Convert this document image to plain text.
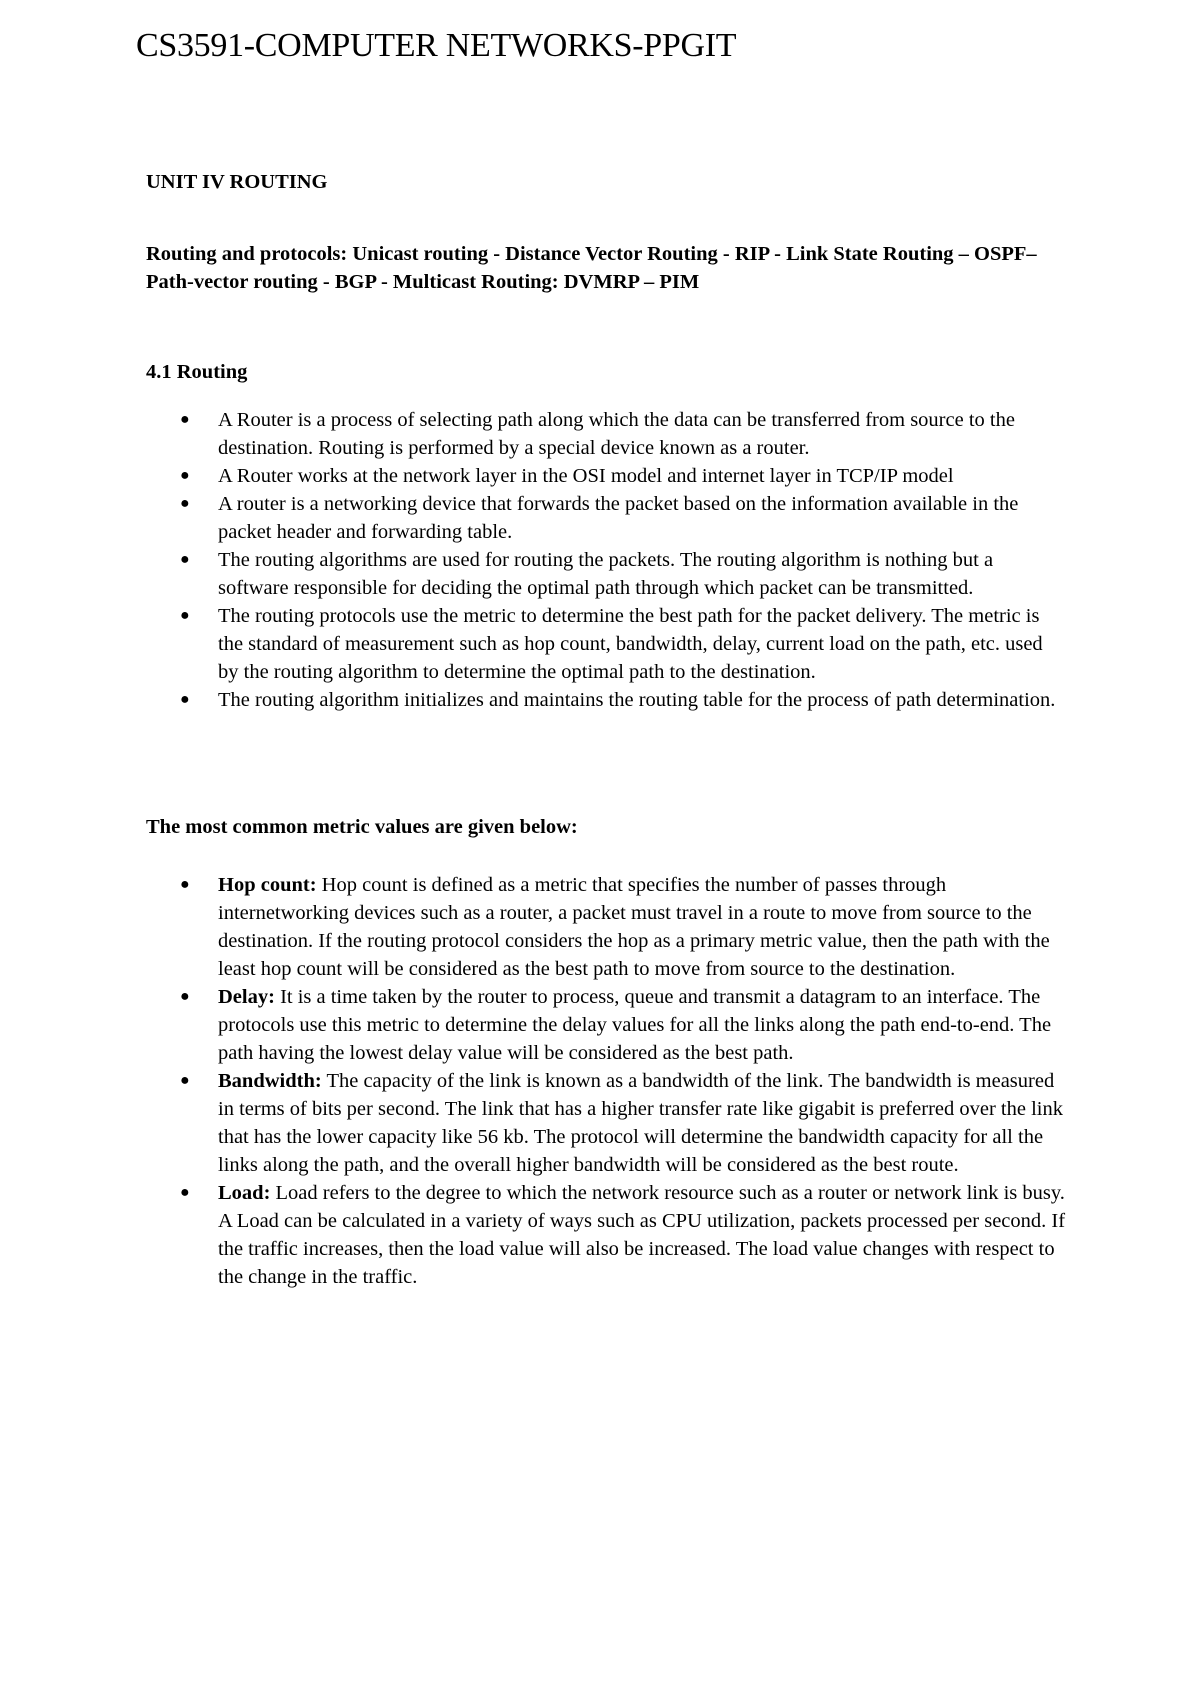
CS3591-COMPUTER NETWORKS-PPGIT

UNIT IV ROUTING

Routing and protocols: Unicast routing - Distance Vector Routing - RIP - Link State Routing – OSPF– Path-vector routing - BGP - Multicast Routing: DVMRP – PIM

4.1 Routing

● A Router is a process of selecting path along which the data can be transferred from source to the destination. Routing is performed by a special device known as a router.
● A Router works at the network layer in the OSI model and internet layer in TCP/IP model
● A router is a networking device that forwards the packet based on the information available in the packet header and forwarding table.
● The routing algorithms are used for routing the packets. The routing algorithm is nothing but a software responsible for deciding the optimal path through which packet can be transmitted.
● The routing protocols use the metric to determine the best path for the packet delivery. The metric is the standard of measurement such as hop count, bandwidth, delay, current load on the path, etc. used by the routing algorithm to determine the optimal path to the destination.
● The routing algorithm initializes and maintains the routing table for the process of path determination.

The most common metric values are given below:

● Hop count: Hop count is defined as a metric that specifies the number of passes through internetworking devices such as a router, a packet must travel in a route to move from source to the destination. If the routing protocol considers the hop as a primary metric value, then the path with the least hop count will be considered as the best path to move from source to the destination.
● Delay: It is a time taken by the router to process, queue and transmit a datagram to an interface. The protocols use this metric to determine the delay values for all the links along the path end-to-end. The path having the lowest delay value will be considered as the best path.
● Bandwidth: The capacity of the link is known as a bandwidth of the link. The bandwidth is measured in terms of bits per second. The link that has a higher transfer rate like gigabit is preferred over the link that has the lower capacity like 56 kb. The protocol will determine the bandwidth capacity for all the links along the path, and the overall higher bandwidth will be considered as the best route.
● Load: Load refers to the degree to which the network resource such as a router or network link is busy. A Load can be calculated in a variety of ways such as CPU utilization, packets processed per second. If the traffic increases, then the load value will also be increased. The load value changes with respect to the change in the traffic.
